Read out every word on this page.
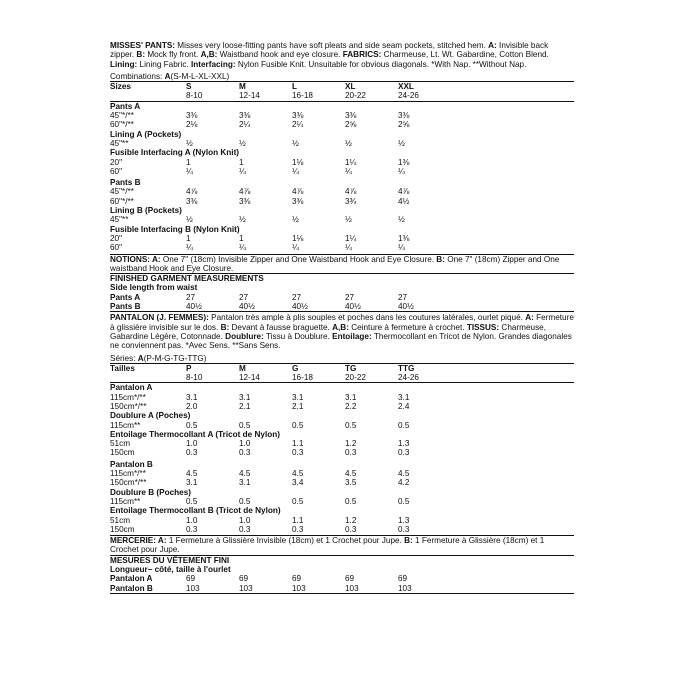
MISSES' PANTS: Misses very loose-fitting pants have soft pleats and side seam pockets, stitched hem. A: Invisible back zipper. B: Mock fly front. A,B: Waistband hook and eye closure. FABRICS: Charmeuse, Lt. Wt. Gabardine, Cotton Blend. Lining: Lining Fabric. Interfacing: Nylon Fusible Knit. Unsuitable for obvious diagonals. *With Nap. **Without Nap.

Combinations: A(S-M-L-XL-XXL)
Sizes	S	M	L	XL	XXL	
	8-10	12-14	16-18	20-22	24-26	
Pants A						
45"*/**	3⅜	3⅜	3⅜	3⅜	3⅜	
60"*/**	2⅛	2¼	2¼	2⅝	2⅝	
Lining A (Pockets)						
45"**	½	½	½	½	½	
Fusible Interfacing A (Nylon Knit)						
20"	1	1	1⅛	1¼	1⅜	
60"	¼	¼	¼	¼	¼	

Pants B						
45"*/**	4⅞	4⅞	4⅞	4⅞	4⅞	
60"*/**	3⅜	3⅜	3⅜	3¾	4½	
Lining B (Pockets)						
45"**	½	½	½	½	½	
Fusible Interfacing B (Nylon Knit)						
20"	1	1	1⅛	1¼	1⅜	
60"	¼	¼	¼	¼	¼	

NOTIONS: A: One 7" (18cm) Invisible Zipper and One Waistband Hook and Eye Closure. B: One 7" (18cm) Zipper and One waistband Hook and Eye Closure.

FINISHED GARMENT MEASUREMENTS
Side length from waist
Pants A	27	27	27	27	27	
Pants B	40½	40½	40½	40½	40½	

PANTALON (J. FEMMES): Pantalon très ample à plis souples et poches dans les coutures latérales, ourlet piqué. A: Fermeture à glissière invisible sur le dos. B: Devant à fausse braguette. A,B: Ceinture à fermeture à crochet. TISSUS: Charmeuse, Gabardine Légère, Cotonnade. Doublure: Tissu à Doublure. Entoilage: Thermocollant en Tricot de Nylon. Grandes diagonales ne conviennent pas. *Avec Sens. **Sans Sens.

Séries: A(P-M-G-TG-TTG)
Tailles	P	M	G	TG	TTG	
	8-10	12-14	16-18	20-22	24-26	
Pantalon A						
115cm*/**	3.1	3.1	3.1	3.1	3.1	
150cm*/**	2.0	2.1	2.1	2.2	2.4	
Doublure A (Poches)						
115cm**	0.5	0.5	0.5	0.5	0.5	
Entoilage Thermocollant A (Tricot de Nylon)						
51cm	1.0	1.0	1.1	1.2	1.3	
150cm	0.3	0.3	0.3	0.3	0.3	

Pantalon B						
115cm*/**	4.5	4.5	4.5	4.5	4.5	
150cm*/**	3.1	3.1	3.4	3.5	4.2	
Doublure B (Poches)						
115cm**	0.5	0.5	0.5	0.5	0.5	
Entoilage Thermocollant B (Tricot de Nylon)						
51cm	1.0	1.0	1.1	1.2	1.3	
150cm	0.3	0.3	0.3	0.3	0.3	

MERCERIE: A: 1 Fermeture à Glissière Invisible (18cm) et 1 Crochet pour Jupe. B: 1 Fermeture à Glissière (18cm) et 1 Crochet pour Jupe.

MESURES DU VÊTEMENT FINI
Longueur– côté, taille à l'ourlet
Pantalon A	69	69	69	69	69	
Pantalon B	103	103	103	103	103	
